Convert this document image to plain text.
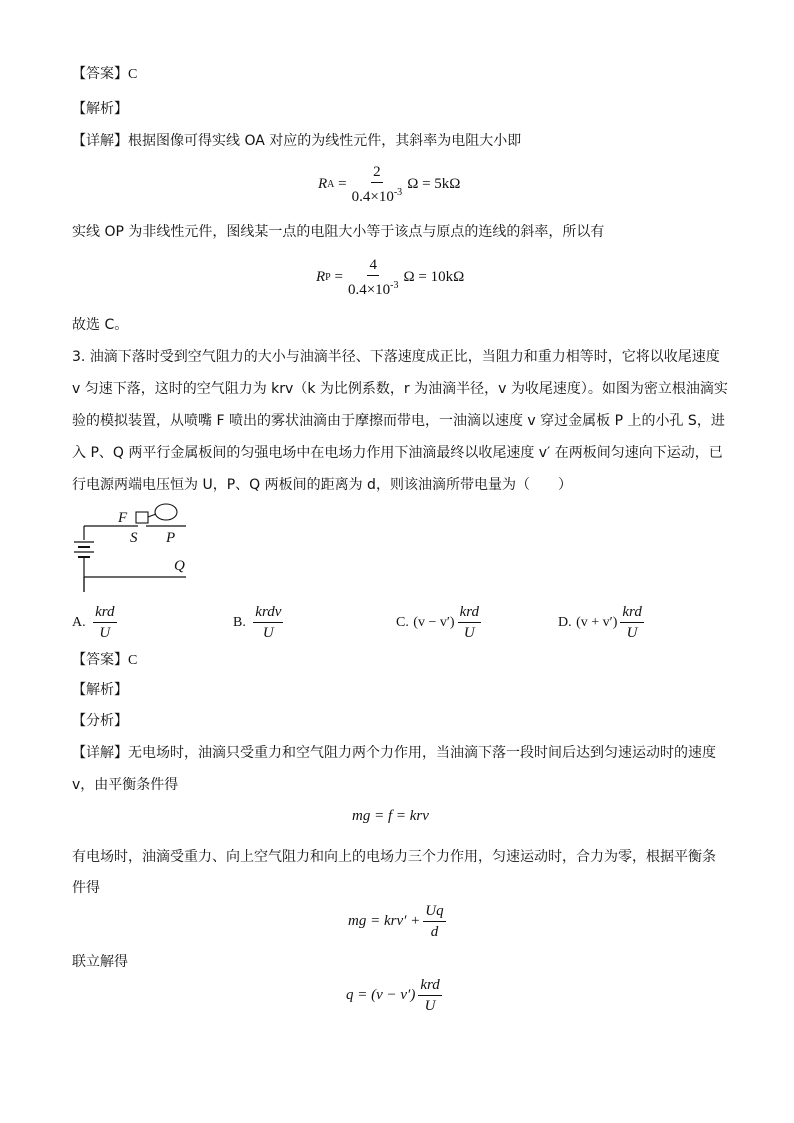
【答案】C
【解析】
【详解】根据图像可得实线 OA 对应的为线性元件，其斜率为电阻大小即
R $A = \frac{2}{0.4\times 10^{-3}}$ Ω = 5kΩ
实线 OP 为非线性元件，图线某一点的电阻大小等于该点与原点的连线的斜率，所以有
R $P = \frac{4}{0.4\times 10^{-3}}$ Ω = 10kΩ
故选 C。
3. 油滴下落时受到空气阻力的大小与油滴半径、下落速度成正比，当阻力和重力相等时，它将以收尾速度
v 匀速下落，这时的空气阻力为 krv（k 为比例系数，r 为油滴半径，v 为收尾速度）。如图为密立根油滴实
验的模拟装置，从喷嘴 F 喷出的雾状油滴由于摩擦而带电，一油滴以速度 v 穿过金属板 P 上的小孔 S，进
入 P、Q 两平行金属板间的匀强电场中在电场力作用下油滴最终以收尾速度 v′ 在两板间匀速向下运动，已
行电源两端电压恒为 U，P、Q 两板间的距离为 d，则该油滴所带电量为（　　）
F
S P
Q
A.
$\frac{\text{krd}}{U}$	B.
$\frac{\text{krdv}}{U}$	C.
$(v - v') \frac{\text{krd}}{U}$	D.
$(v + v') \frac{\text{krd}}{U}$
【答案】C
【解析】
【分析】
【详解】无电场时，油滴只受重力和空气阻力两个力作用，当油滴下落一段时间后达到匀速运动时的速度
v，由平衡条件得
mg = f = krv
有电场时，油滴受重力、向上空气阻力和向上的电场力三个力作用，匀速运动时，合力为零，根据平衡条
件得
mg = $krv' + \frac{Uq}{d}$
联立解得
$q = (v - v') \frac{\text{krd}}{U}$
